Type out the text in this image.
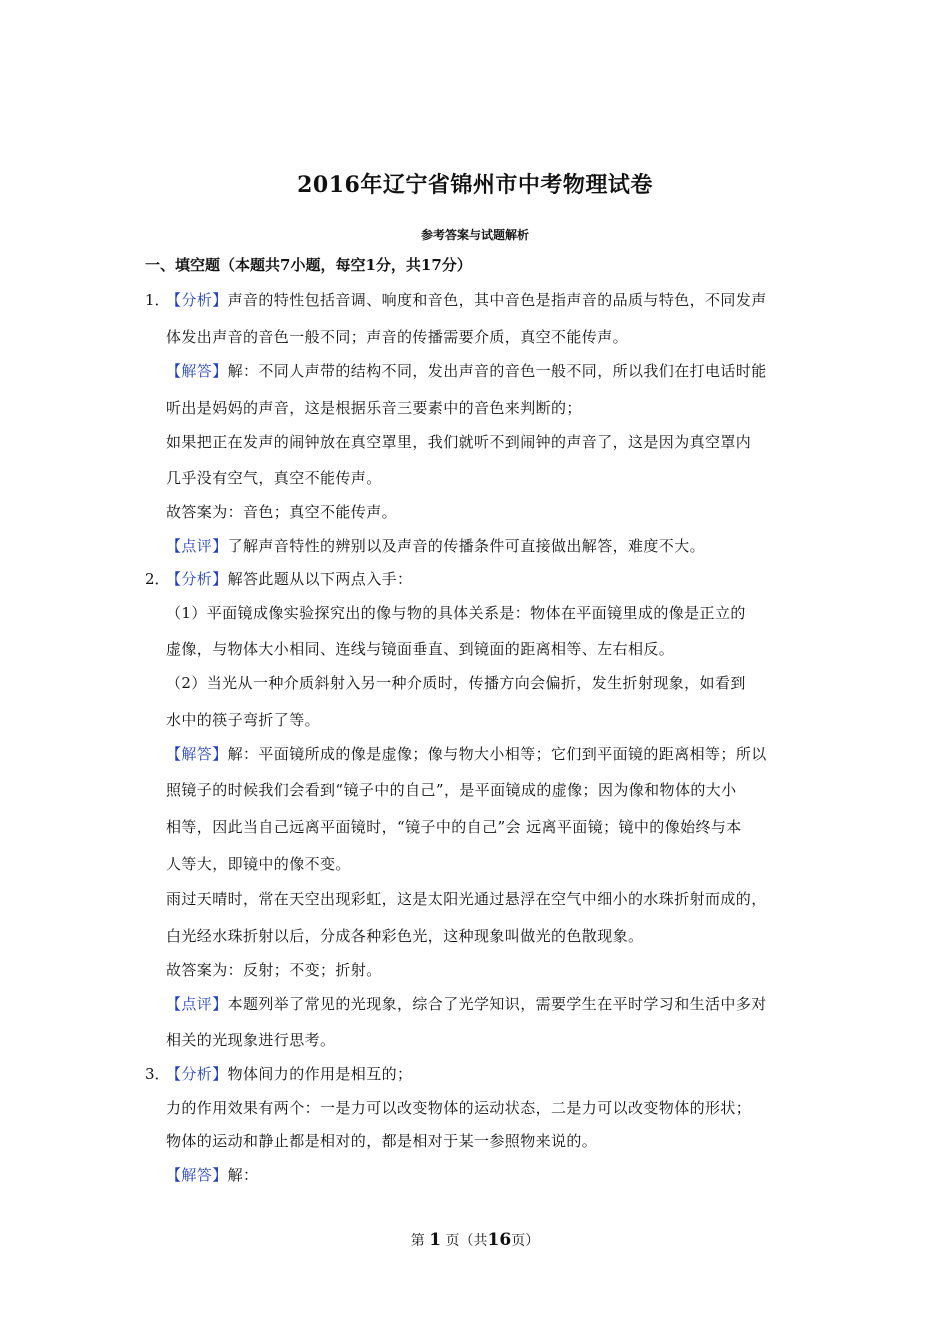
2016年辽宁省锦州市中考物理试卷
参考答案与试题解析
一、填空题（本题共7小题，每空1分，共17分）
1．
【分析】声音的特性包括音调、响度和音色，其中音色是指声音的品质与特色，不同发声
体发出声音的音色一般不同；声音的传播需要介质，真空不能传声。
【解答】解：不同人声带的结构不同，发出声音的音色一般不同，所以我们在打电话时能
听出是妈妈的声音，这是根据乐音三要素中的音色来判断的；
如果把正在发声的闹钟放在真空罩里，我们就听不到闹钟的声音了，这是因为真空罩内
几乎没有空气，真空不能传声。
故答案为：音色；真空不能传声。
【点评】了解声音特性的辨别以及声音的传播条件可直接做出解答，难度不大。
2．
【分析】解答此题从以下两点入手：
（1）平面镜成像实验探究出的像与物的具体关系是：物体在平面镜里成的像是正立的
虚像，与物体大小相同、连线与镜面垂直、到镜面的距离相等、左右相反。
（2）当光从一种介质斜射入另一种介质时，传播方向会偏折，发生折射现象，如看到
水中的筷子弯折了等。
【解答】解：平面镜所成的像是虚像；像与物大小相等；它们到平面镜的距离相等；所以
照镜子的时候我们会看到“镜子中的自己”，是平面镜成的虚像；因为像和物体的大小
相等，因此当自己远离平面镜时，“镜子中的自己”会 远离平面镜；镜中的像始终与本
人等大，即镜中的像不变。
雨过天晴时，常在天空出现彩虹，这是太阳光通过悬浮在空气中细小的水珠折射而成的，
白光经水珠折射以后，分成各种彩色光，这种现象叫做光的色散现象。
故答案为：反射；不变；折射。
【点评】本题列举了常见的光现象，综合了光学知识，需要学生在平时学习和生活中多对
相关的光现象进行思考。
3．
【分析】物体间力的作用是相互的；
力的作用效果有两个：一是力可以改变物体的运动状态，二是力可以改变物体的形状；
物体的运动和静止都是相对的，都是相对于某一参照物来说的。
【解答】解：
第 1 页（共16页）
